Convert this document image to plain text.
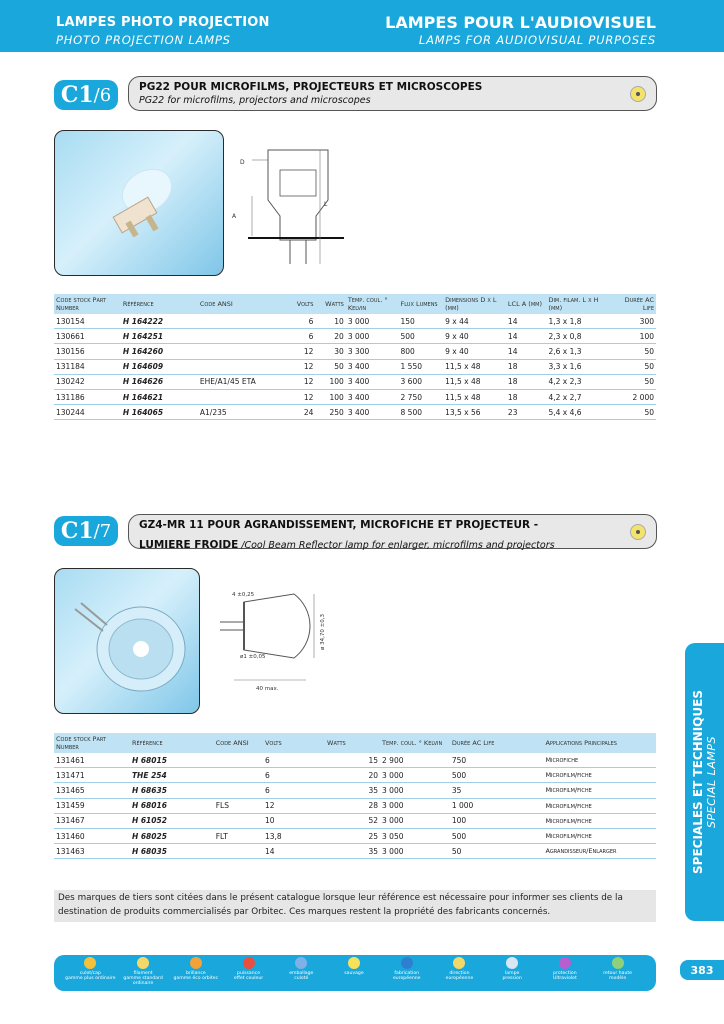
LAMPES PHOTO PROJECTION
PHOTO PROJECTION LAMPS
LAMPES POUR L'AUDIOVISUEL
LAMPS FOR AUDIOVISUAL PURPOSES
C1 /6	PG22 POUR MICROFILMS, PROJECTEURS ET MICROSCOPES
PG22 for microfilms, projectors and microscopes
D
A
L
Code stock Part Number	Référence	Code ANSI	Volts	Watts	Temp. coul. ° Kelvin	Flux Lumens	Dimensions D x L (mm)	LCL A (mm)	Dim. filam. L x H (mm)	Durée AC Life
130154	H 164222		6	10	3 000	150	9 x 44	14	1,3 x 1,8	300
130661	H 164251		6	20	3 000	500	9 x 40	14	2,3 x 0,8	100
130156	H 164260		12	30	3 300	800	9 x 40	14	2,6 x 1,3	50
131184	H 164609		12	50	3 400	1 550	11,5 x 48	18	3,3 x 1,6	50
130242	H 164626	EHE/A1/45 ETA	12	100	3 400	3 600	11,5 x 48	18	4,2 x 2,3	50
131186	H 164621		12	100	3 400	2 750	11,5 x 48	18	4,2 x 2,7	2 000
130244	H 164065	A1/235	24	250	3 400	8 500	13,5 x 56	23	5,4 x 4,6	50
C1 /7	GZ4-MR 11 POUR AGRANDISSEMENT, MICROFICHE ET PROJECTEUR -
LUMIERE FROIDE /Cool Beam Reflector lamp for enlarger, microfilms and projectors
4 ±0,25
ø 34,70 ±0,3
ø1 ±0,05
40 max.
Code stock Part Number	Référence	Code ANSI	Volts	Watts	Temp. coul. ° Kelvin	Durée AC Life	Applications Principales
131461	H 68015		6	15	2 900	750	Microfiche
131471	THE 254		6	20	3 000	500	Microfilm/fiche
131465	H 68635		6	35	3 000	35	Microfilm/fiche
131459	H 68016	FLS	12	28	3 000	1 000	Microfilm/fiche
131467	H 61052		10	52	3 000	100	Microfilm/fiche
131460	H 68025	FLT	13,8	25	3 050	500	Microfilm/fiche
131463	H 68035		14	35	3 000	50	Agrandisseur/Enlarger
Des marques de tiers sont citées dans le présent catalogue lorsque leur référence est nécessaire pour informer ses clients de la destination de produits commercialisés par Orbitec. Ces marques restent la propriété des fabricants concernés.
SPECIALES ET TECHNIQUES SPECIAL LAMPS
culot/cap
gamme plus ordinaire
filament
gamme standard ordinaire
brillance
gamme éco orbitec
puissance
effet couleur
emballage
culoté
sauvage	fabrication
européenne
direction
européenne
lampe
pression
protection
Ultraviolet
retour haute
modèle
383
